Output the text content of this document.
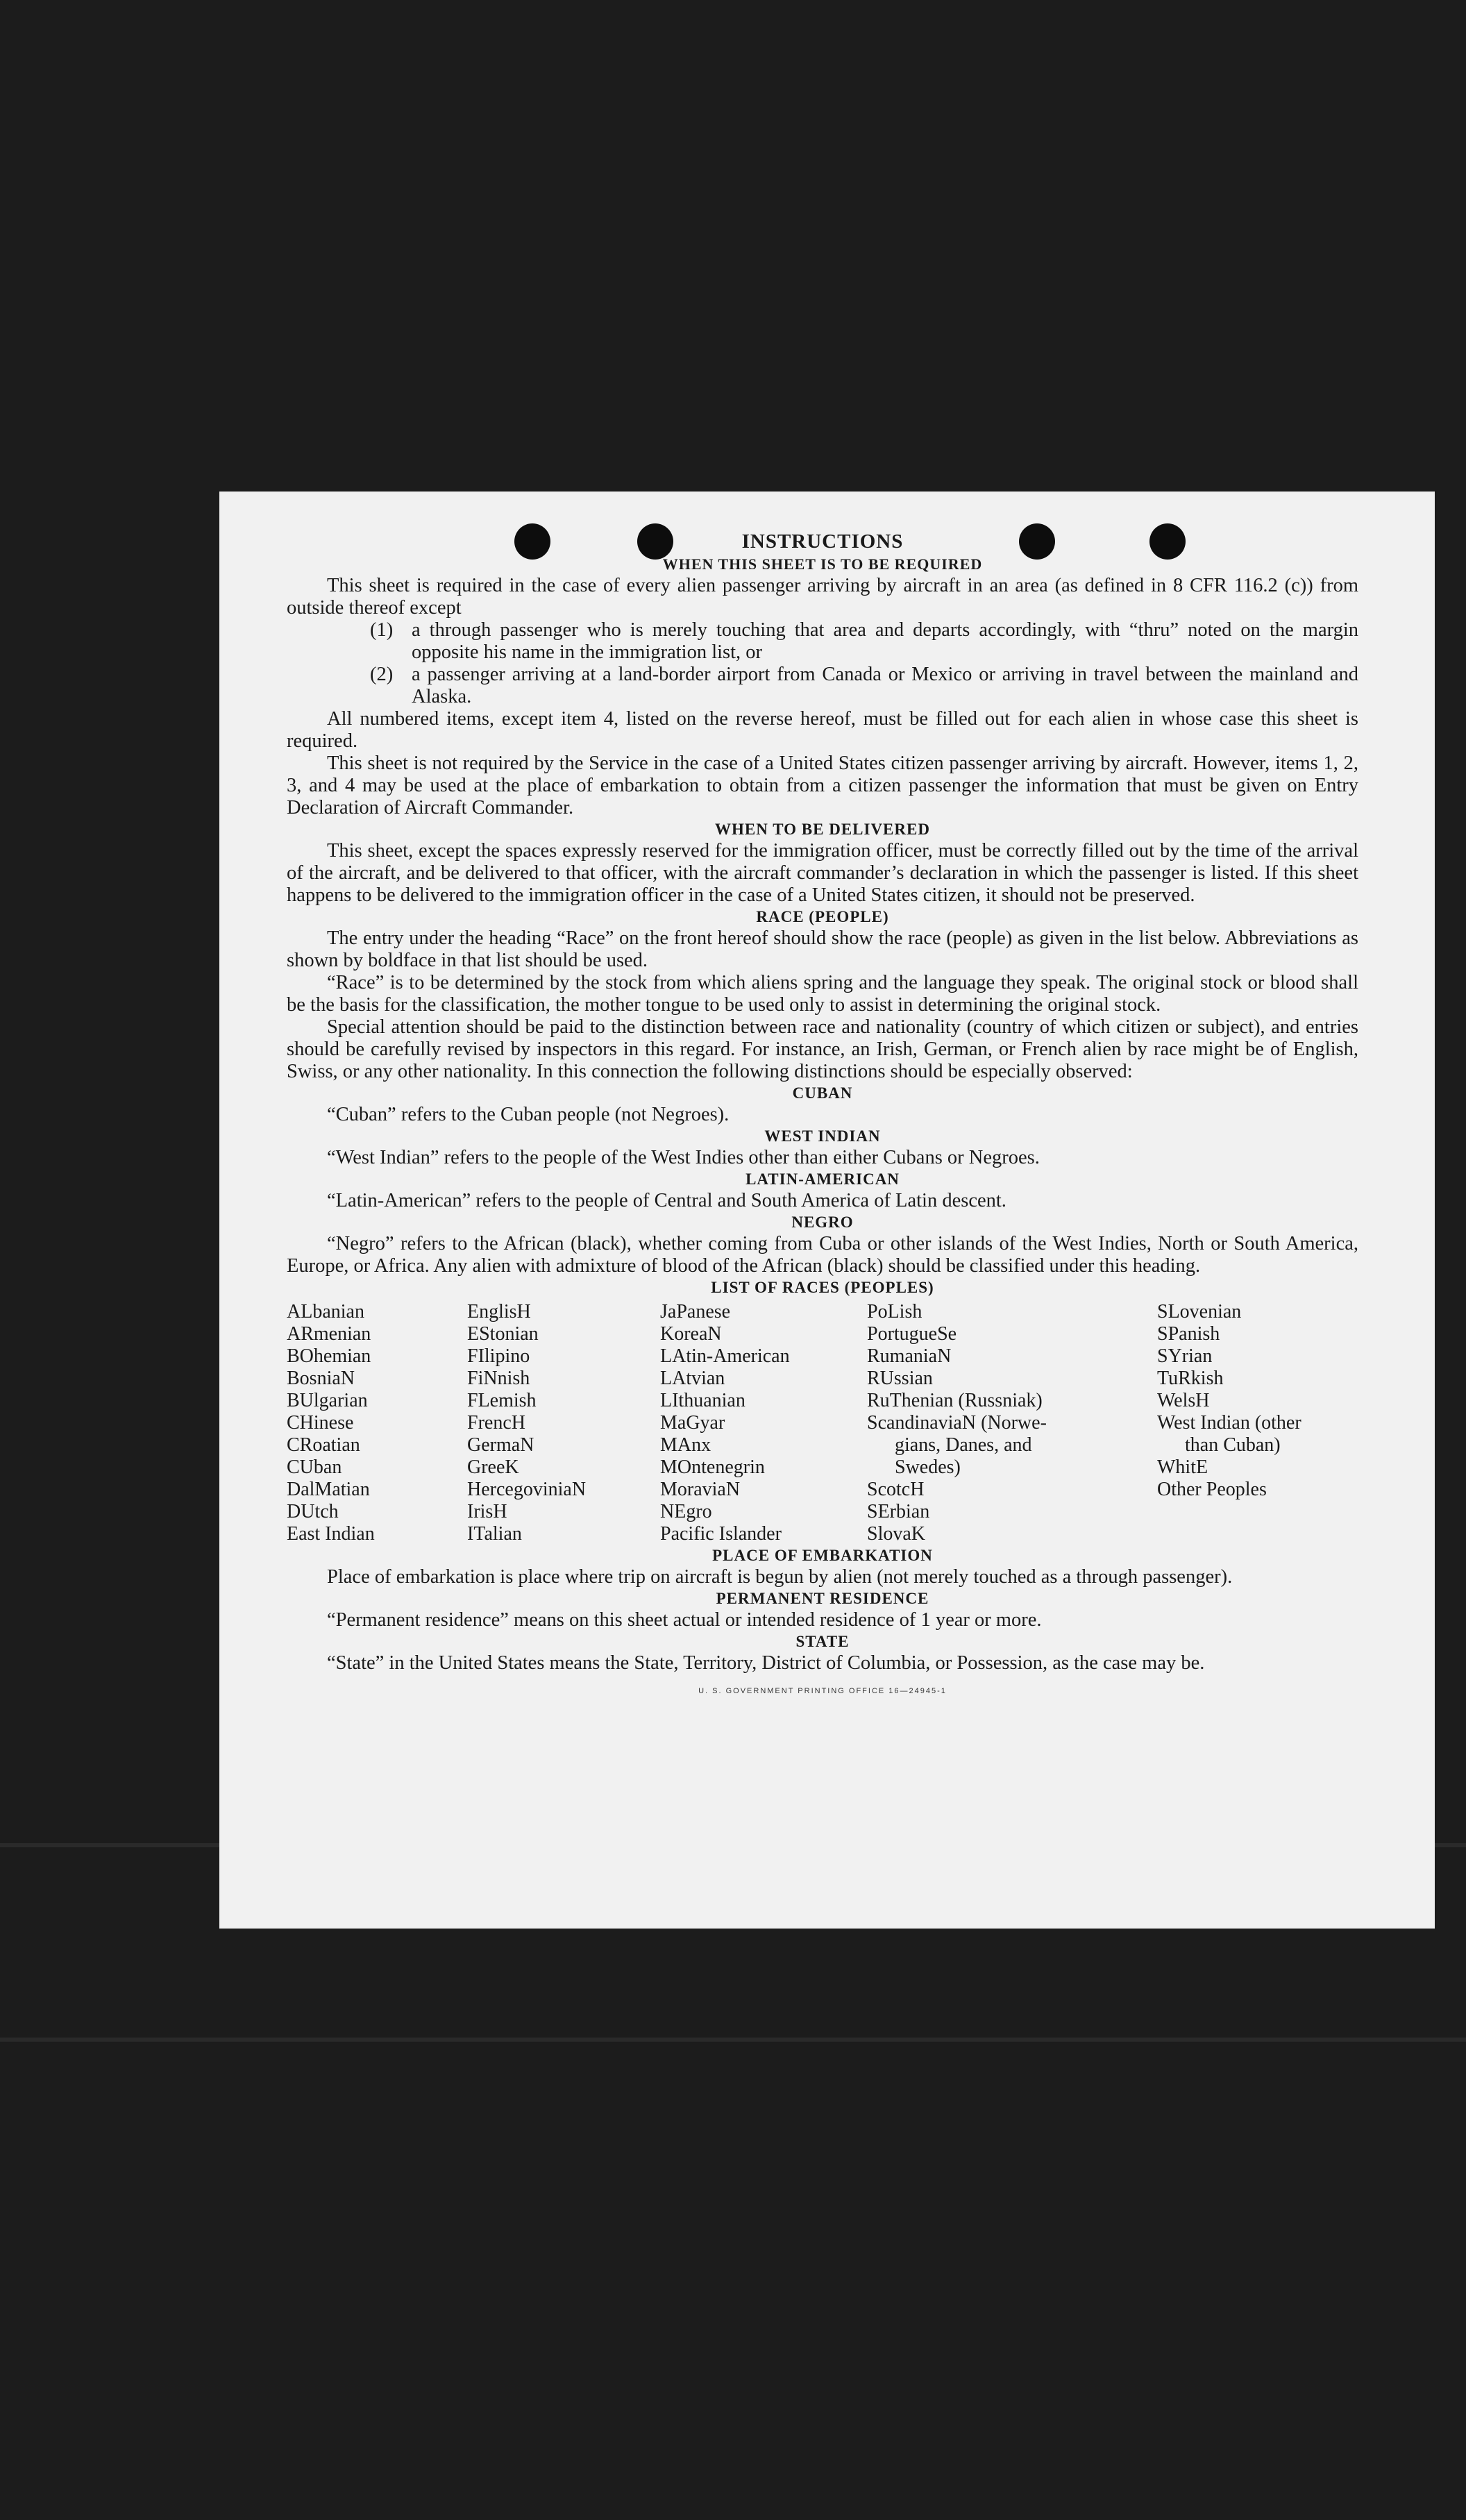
INSTRUCTIONS
WHEN THIS SHEET IS TO BE REQUIRED

This sheet is required in the case of every alien passenger arriving by aircraft in an area (as defined in 8 CFR 116.2 (c)) from outside thereof except

(1) a through passenger who is merely touching that area and departs accordingly, with “thru” noted on the margin opposite his name in the immigration list, or
(2) a passenger arriving at a land-border airport from Canada or Mexico or arriving in travel between the mainland and Alaska.

All numbered items, except item 4, listed on the reverse hereof, must be filled out for each alien in whose case this sheet is required.

This sheet is not required by the Service in the case of a United States citizen passenger arriving by aircraft. However, items 1, 2, 3, and 4 may be used at the place of embarkation to obtain from a citizen passenger the information that must be given on Entry Declaration of Aircraft Commander.

WHEN TO BE DELIVERED

This sheet, except the spaces expressly reserved for the immigration officer, must be correctly filled out by the time of the arrival of the aircraft, and be delivered to that officer, with the aircraft commander’s declaration in which the passenger is listed. If this sheet happens to be delivered to the immigration officer in the case of a United States citizen, it should not be preserved.

RACE (PEOPLE)

The entry under the heading “Race” on the front hereof should show the race (people) as given in the list below. Abbreviations as shown by boldface in that list should be used.

“Race” is to be determined by the stock from which aliens spring and the language they speak. The original stock or blood shall be the basis for the classification, the mother tongue to be used only to assist in determining the original stock.

Special attention should be paid to the distinction between race and nationality (country of which citizen or subject), and entries should be carefully revised by inspectors in this regard. For instance, an Irish, German, or French alien by race might be of English, Swiss, or any other nationality. In this connection the following distinctions should be especially observed:

CUBAN

“Cuban” refers to the Cuban people (not Negroes).

WEST INDIAN

“West Indian” refers to the people of the West Indies other than either Cubans or Negroes.

LATIN-AMERICAN

“Latin-American” refers to the people of Central and South America of Latin descent.

NEGRO

“Negro” refers to the African (black), whether coming from Cuba or other islands of the West Indies, North or South America, Europe, or Africa. Any alien with admixture of blood of the African (black) should be classified under this heading.

LIST OF RACES (PEOPLES)
ALbanian
ARmenian
BOhemian
BosniaN
BUlgarian
CHinese
CRoatian
CUban
DalMatian
DUtch
East Indian
EnglisH
EStonian
FIlipino
FiNnish
FLemish
FrencH
GermaN
GreeK
HercegoviniaN
IrisH
ITalian
JaPanese
KoreaN
LAtin-American
LAtvian
LIthuanian
MaGyar
MAnx
MOntenegrin
MoraviaN
NEgro
Pacific Islander
PoLish
PortugueSe
RumaniaN
RUssian
RuThenian (Russniak)
ScandinaviaN (Norwe-
gians, Danes, and
Swedes)
ScotcH
SErbian
SlovaK
SLovenian
SPanish
SYrian
TuRkish
WelsH
West Indian (other
than Cuban)
WhitE
Other Peoples
PLACE OF EMBARKATION

Place of embarkation is place where trip on aircraft is begun by alien (not merely touched as a through passenger).

PERMANENT RESIDENCE

“Permanent residence” means on this sheet actual or intended residence of 1 year or more.

STATE

“State” in the United States means the State, Territory, District of Columbia, or Possession, as the case may be.

U. S. GOVERNMENT PRINTING OFFICE 16—24945-1
